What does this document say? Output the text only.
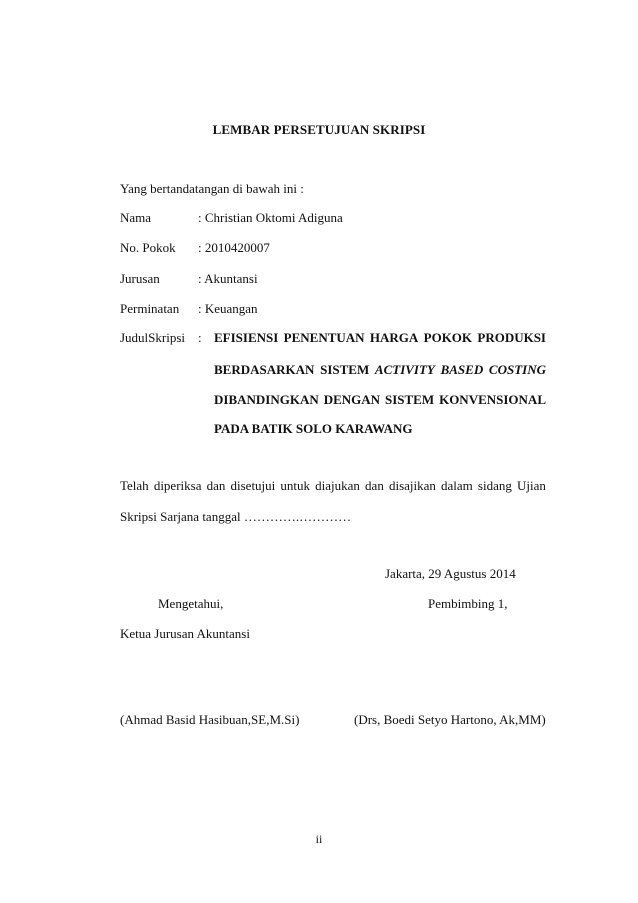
LEMBAR PERSETUJUAN SKRIPSI
Yang bertandatangan di bawah ini :
Nama	: Christian Oktomi Adiguna
No. Pokok : 2010420007
Jurusan	: Akuntansi
Perminatan : Keuangan
JudulSkripsi : EFISIENSI PENENTUAN HARGA POKOK PRODUKSI
BERDASARKAN SISTEM ACTIVITY BASED COSTING
DIBANDINGKAN DENGAN SISTEM KONVENSIONAL
PADA BATIK SOLO KARAWANG
Telah diperiksa dan disetujui untuk diajukan dan disajikan dalam sidang Ujian
Skripsi Sarjana tanggal ………….…………
Jakarta, 29 Agustus 2014
Mengetahui,	Pembimbing 1,
Ketua Jurusan Akuntansi
(Ahmad Basid Hasibuan,SE,M.Si)	(Drs, Boedi Setyo Hartono, Ak,MM)
ii
